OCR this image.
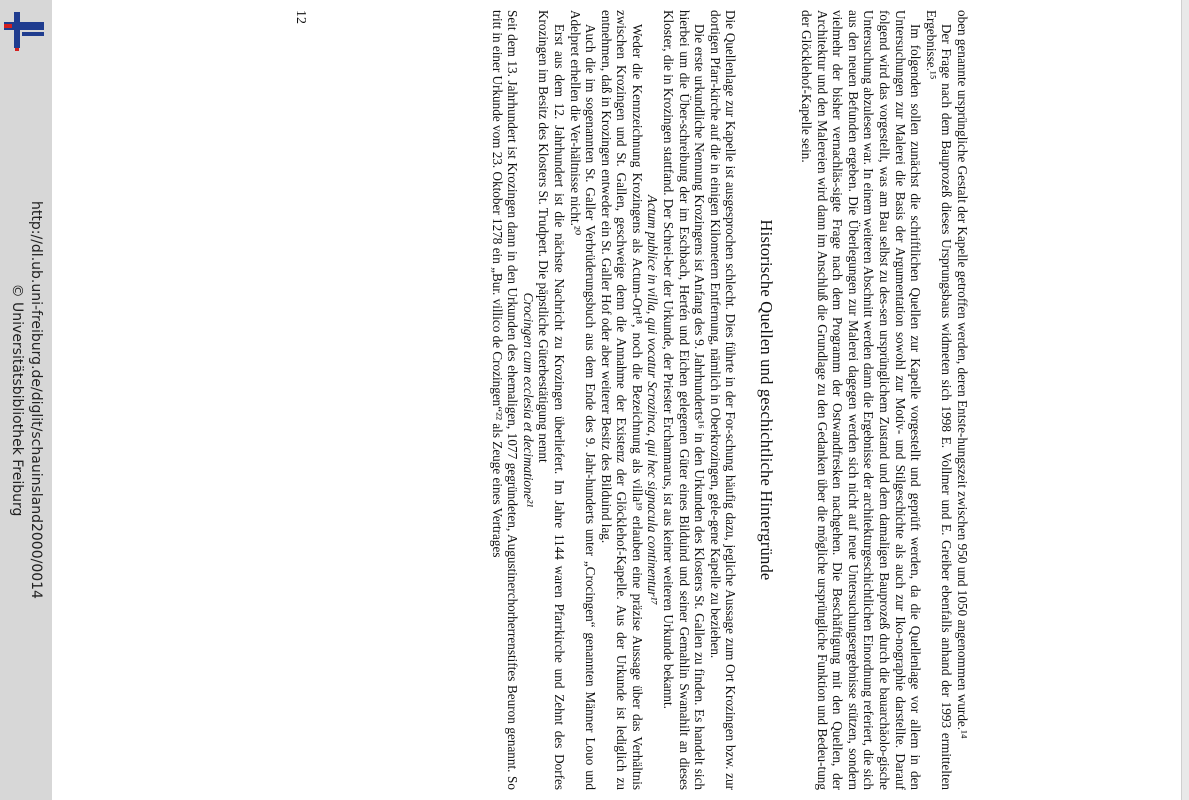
http://dl.ub.uni-freiburg.de/diglit/schauinsland2000/0014
© Universitätsbibliothek Freiburg	oben genannte ursprüngliche Gestalt der Kapelle getroffen werden, deren Entste-hungszeit zwischen 950 und 1050 angenommen wurde.¹⁴

Der Frage nach dem Bauprozeß dieses Ursprungsbaus widmeten sich 1998 E. Vollmer und E. Greiber ebenfalls anhand der 1993 ermittelten Ergebnisse.¹⁵

Im folgenden sollen zunächst die schriftlichen Quellen zur Kapelle vorgestellt und geprüft werden, da die Quellenlage vor allem in den Untersuchungen zur Malerei die Basis der Argumentation sowohl zur Motiv- und Stilgeschichte als auch zur Iko-nographie darstellte. Darauf folgend wird das vorgestellt, was am Bau selbst zu des-sen ursprünglichem Zustand und dem damaligen Bauprozeß durch die bauarchäolo-gische Untersuchung abzulesen war. In einem weiteren Abschnitt werden dann die Ergebnisse der architekturgeschichtlichen Einordnung referiert, die sich aus den neuen Befunden ergeben. Die Überlegungen zur Malerei dagegen werden sich nicht auf neue Untersuchungsergebnisse stützen, sondern vielmehr der bisher vernachläs-sigte Frage nach dem Programm der Ostwandfresken nachgehen. Die Beschäftigung mit den Quellen, der Architektur und den Malereien wird dann im Anschluß die Grundlage zu den Gedanken über die mögliche ursprüngliche Funktion und Bedeu-tung der Glöcklehof-Kapelle sein.

Historische Quellen und geschichtliche Hintergründe

Die Quellenlage zur Kapelle ist ausgesprochen schlecht. Dies führte in der For-schung häufig dazu, jegliche Aussage zum Ort Krozingen bzw. zur dortigen Pfarr-kirche auf die in einigen Kilometern Entfernung, nämlich in Oberkrozingen, gele-gene Kapelle zu beziehen.

Die erste urkundliche Nennung Krozingens ist Anfang des 9. Jahrhunderts¹⁶ in den Urkunden des Klosters St. Gallen zu finden. Es handelt sich hierbei um die Über-schreibung der im Eschbach, Hertén und Eichen gelegenen Güter eines Bilduind und seiner Gemahlin Swanahilt an dieses Kloster, die in Krozingen stattfand. Der Schrei-ber der Urkunde, der Priester Erchanmarus, ist aus keiner weiteren Urkunde bekannt.

Actum publice in villa, qui vocatur Scrozinca, qui hec signacula continentur¹⁷

Weder die Kennzeichnung Krozingens als Actum-Ort¹⁸, noch die Bezeichnung als villa¹⁹ erlauben eine präzise Aussage über das Verhältnis zwischen Krozingen und St. Gallen, geschweige denn die Annahme der Existenz der Glöcklehof-Kapelle. Aus der Urkunde ist lediglich zu entnehmen, daß in Krozingen entweder ein St. Galler Hof oder aber weiterer Besitz des Bilduind lag.

Auch die im sogenannten St. Galler Verbrüderungsbuch aus dem Ende des 9. Jahr-hunderts unter „Crocingen“ genannten Männer Louo und Adelpret erhellen die Ver-hältnisse nicht.²⁰

Erst aus dem 12. Jahrhundert ist die nächste Nachricht zu Krozingen überliefert. Im Jahre 1144 waren Pfarrkirche und Zehnt des Dorfes Krozingen im Besitz des Klosters St. Trudpert. Die päpstliche Güterbestätigung nennt

Crocingen cum ecclesia et decimatione²¹

Seit dem 13. Jahrhundert ist Krozingen dann in den Urkunden des ehemaligen, 1077 gegründeten, Augustinerchorherrenstiftes Beuron genannt. So tritt in einer Urkunde vom 23. Oktober 1278 ein „Bur. villico de Crozingen“²² als Zeuge eines Vertrages

12
